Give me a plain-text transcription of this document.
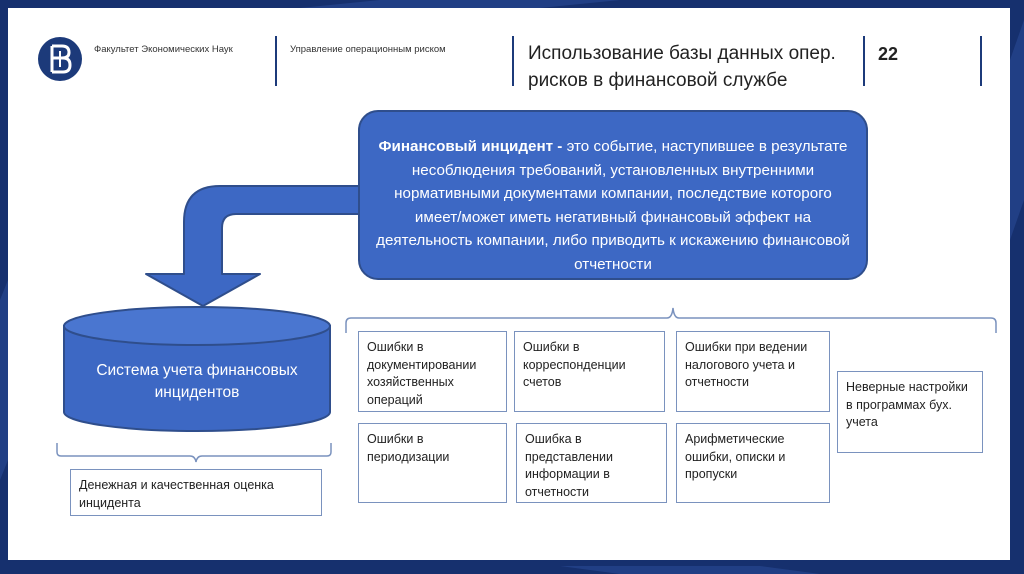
Факультет Экономических Наук	Управление операционным риском	Использование базы данных опер.
рисков в финансовой службе
22
Финансовый инцидент - это событие, наступившее в результате несоблюдения требований, установленных внутренними нормативными документами компании, последствие которого имеет/может иметь негативный финансовый эффект на деятельность компании, либо приводить к искажению финансовой отчетности
Система учета финансовых инцидентов
Денежная и качественная оценка инцидента
Ошибки в документировании хозяйственных операций
Ошибки в корреспонденции счетов
Ошибки при ведении налогового учета и отчетности	Неверные настройки в программах бух. учета
Ошибки в периодизации
Ошибка в представлении информации в отчетности
Арифметические ошибки, описки и пропуски
